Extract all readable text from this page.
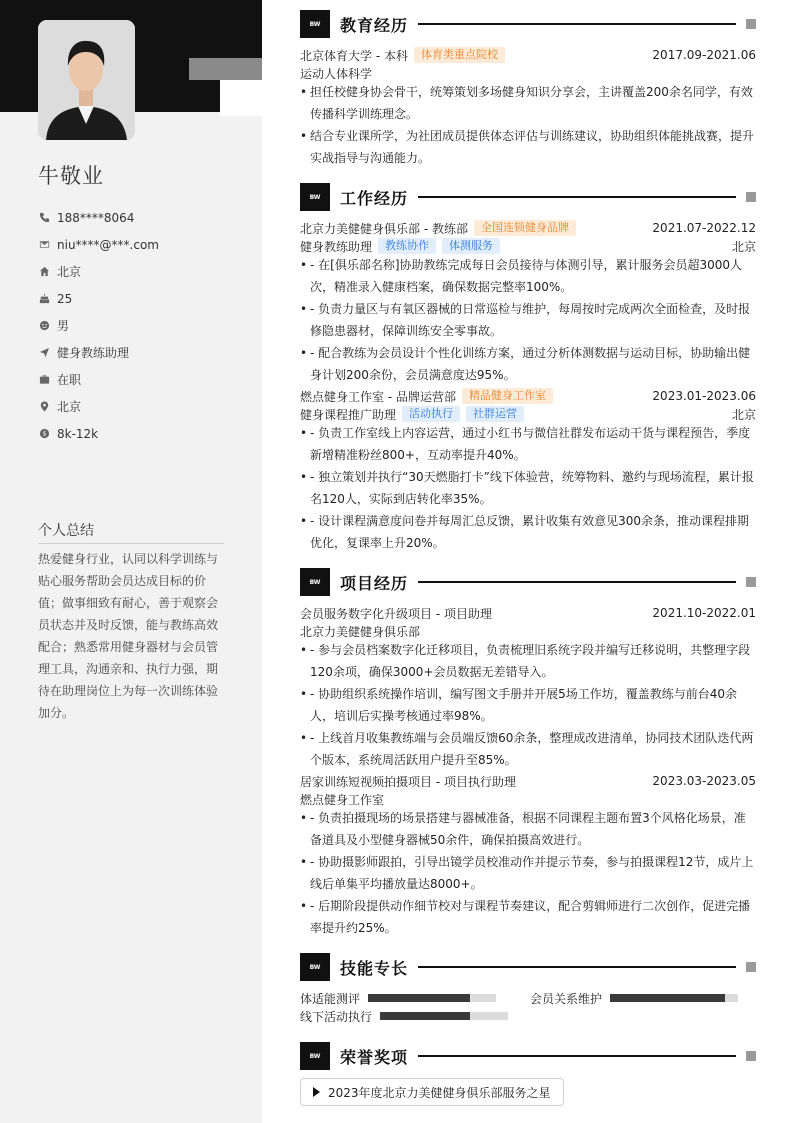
牛敬业
188****8064
niu****@***.com
北京
25
男
健身教练助理
在职
北京
$ 8k-12k
个人总结
热爱健身行业，认同以科学训练与
贴心服务帮助会员达成目标的价
值；做事细致有耐心，善于观察会
员状态并及时反馈，能与教练高效
配合；熟悉常用健身器材与会员管
理工具，沟通亲和、执行力强，期
待在助理岗位上为每一次训练体验
加分。
BW	教育经历
北京体育大学 - 本科	体育类重点院校	2017.09-2021.06
运动人体科学
• 担任校健身协会骨干，统筹策划多场健身知识分享会，主讲覆盖200余名同学，有效
传播科学训练理念。
• 结合专业课所学，为社团成员提供体态评估与训练建议，协助组织体能挑战赛，提升
实战指导与沟通能力。
BW	工作经历
北京力美健健身俱乐部 - 教练部	全国连锁健身品牌	2021.07-2022.12
健身教练助理	教练协作	体测服务	北京
• - 在[俱乐部名称]协助教练完成每日会员接待与体测引导，累计服务会员超3000人
次，精准录入健康档案，确保数据完整率100%。
• - 负责力量区与有氧区器械的日常巡检与维护，每周按时完成两次全面检查，及时报
修隐患器材，保障训练安全零事故。
• - 配合教练为会员设计个性化训练方案，通过分析体测数据与运动目标，协助输出健
身计划200余份，会员满意度达95%。
燃点健身工作室 - 品牌运营部	精品健身工作室	2023.01-2023.06
健身课程推广助理	活动执行	社群运营	北京
• - 负责工作室线上内容运营，通过小红书与微信社群发布运动干货与课程预告，季度
新增精准粉丝800+，互动率提升40%。
• - 独立策划并执行“30天燃脂打卡”线下体验营，统筹物料、邀约与现场流程，累计报
名120人，实际到店转化率35%。
• - 设计课程满意度问卷并每周汇总反馈，累计收集有效意见300余条，推动课程排期
优化，复课率上升20%。
BW	项目经历
会员服务数字化升级项目 - 项目助理	2021.10-2022.01
北京力美健健身俱乐部
• - 参与会员档案数字化迁移项目，负责梳理旧系统字段并编写迁移说明，共整理字段
120余项，确保3000+会员数据无差错导入。
• - 协助组织系统操作培训，编写图文手册并开展5场工作坊，覆盖教练与前台40余
人，培训后实操考核通过率98%。
• - 上线首月收集教练端与会员端反馈60余条，整理成改进清单，协同技术团队迭代两
个版本，系统周活跃用户提升至85%。
居家训练短视频拍摄项目 - 项目执行助理	2023.03-2023.05
燃点健身工作室
• - 负责拍摄现场的场景搭建与器械准备，根据不同课程主题布置3个风格化场景，准
备道具及小型健身器械50余件，确保拍摄高效进行。
• - 协助摄影师跟拍，引导出镜学员校准动作并提示节奏，参与拍摄课程12节，成片上
线后单集平均播放量达8000+。
• - 后期阶段提供动作细节校对与课程节奏建议，配合剪辑师进行二次创作，促进完播
率提升约25%。
BW	技能专长
体适能测评	会员关系维护
线下活动执行
BW	荣誉奖项
2023年度北京力美健健身俱乐部服务之星
